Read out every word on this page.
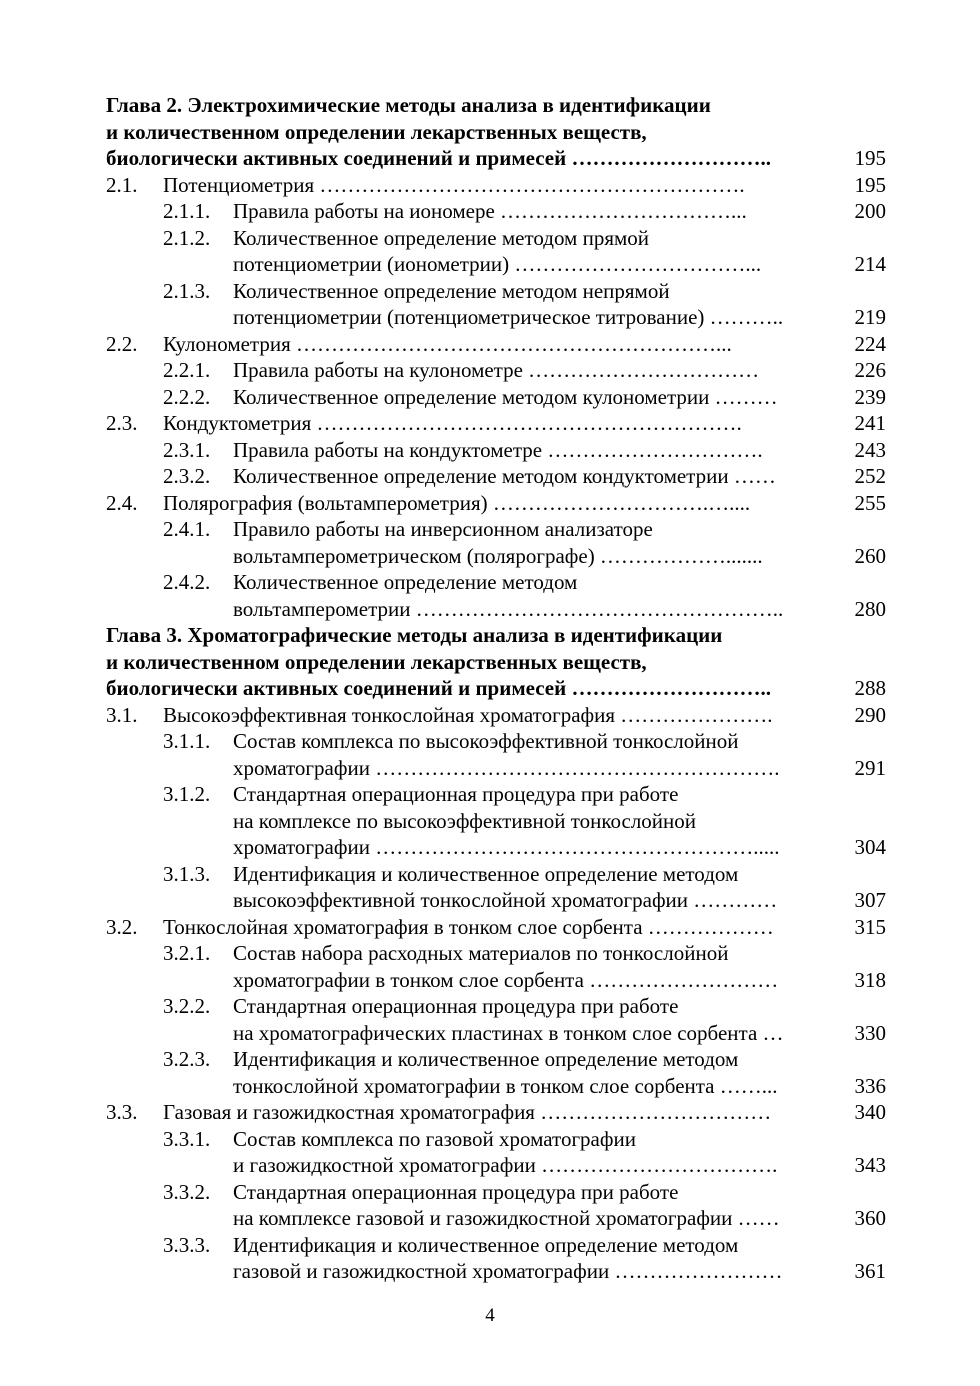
Глава 2. Электрохимические методы анализа в идентификации
и количественном определении лекарственных веществ,
биологически активных соединений и примесей ………………………..	195
2.1. Потенциометрия …………………………………………………….	195
2.1.1. Правила работы на иономере ……………………………...	200
2.1.2. Количественное определение методом прямой
потенциометрии (ионометрии) ……………………………...	214
2.1.3. Количественное определение методом непрямой
потенциометрии (потенциометрическое титрование) ………..	219
2.2. Кулонометрия ……………………………………………………...	224
2.2.1. Правила работы на кулонометре ……………………………	226
2.2.2. Количественное определение методом кулонометрии ………	239
2.3. Кондуктометрия …………………………………………………….	241
2.3.1. Правила работы на кондуктометре ………………………….	243
2.3.2. Количественное определение методом кондуктометрии ……	252
2.4. Полярография (вольтамперометрия) ………………………….…....	255
2.4.1. Правило работы на инверсионном анализаторе
вольтамперометрическом (полярографе) ……………….......	260
2.4.2. Количественное определение методом
вольтамперометрии ……………………………………………..	280
Глава 3. Хроматографические методы анализа в идентификации
и количественном определении лекарственных веществ,
биологически активных соединений и примесей ………………………..	288
3.1. Высокоэффективная тонкослойная хроматография ………………….	290
3.1.1. Состав комплекса по высокоэффективной тонкослойной
хроматографии ………………………………………………….	291
3.1.2. Стандартная операционная процедура при работе
на комплексе по высокоэффективной тонкослойной
хроматографии ……………………………………………….....	304
3.1.3. Идентификация и количественное определение методом
высокоэффективной тонкослойной хроматографии …………	307
3.2. Тонкослойная хроматография в тонком слое сорбента ………………	315
3.2.1. Состав набора расходных материалов по тонкослойной
хроматографии в тонком слое сорбента ………………………	318
3.2.2. Стандартная операционная процедура при работе
на хроматографических пластинах в тонком слое сорбента …	330
3.2.3. Идентификация и количественное определение методом
тонкослойной хроматографии в тонком слое сорбента ……...	336
3.3. Газовая и газожидкостная хроматография ……………………………	340
3.3.1. Состав комплекса по газовой хроматографии
и газожидкостной хроматографии …………………………….	343
3.3.2. Стандартная операционная процедура при работе
на комплексе газовой и газожидкостной хроматографии ……	360
3.3.3. Идентификация и количественное определение методом
газовой и газожидкостной хроматографии ……………………	361
4
